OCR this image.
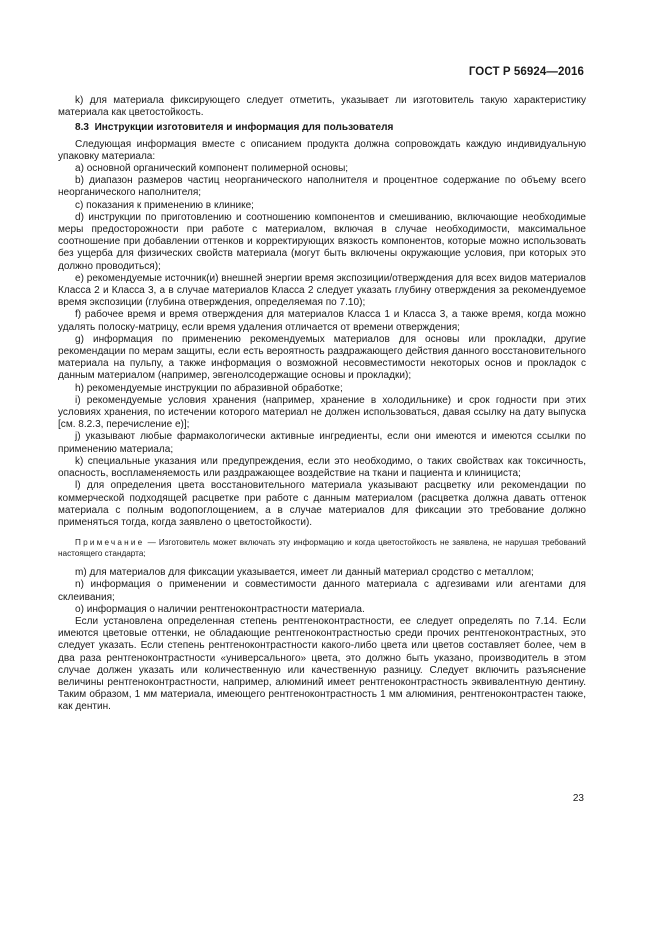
ГОСТ Р 56924—2016

k) для материала фиксирующего следует отметить, указывает ли изготовитель такую характеристику материала как цветостойкость.

8.3 Инструкции изготовителя и информация для пользователя

Следующая информация вместе с описанием продукта должна сопровождать каждую индивидуальную упаковку материала:

a) основной органический компонент полимерной основы;

b) диапазон размеров частиц неорганического наполнителя и процентное содержание по объему всего неорганического наполнителя;

c) показания к применению в клинике;

d) инструкции по приготовлению и соотношению компонентов и смешиванию, включающие необходимые меры предосторожности при работе с материалом, включая в случае необходимости, максимальное соотношение при добавлении оттенков и корректирующих вязкость компонентов, которые можно использовать без ущерба для физических свойств материала (могут быть включены окружающие условия, при которых это должно проводиться);

e) рекомендуемые источник(и) внешней энергии время экспозиции/отверждения для всех видов материалов Класса 2 и Класса 3, а в случае материалов Класса 2 следует указать глубину отверждения за рекомендуемое время экспозиции (глубина отверждения, определяемая по 7.10);

f) рабочее время и время отверждения для материалов Класса 1 и Класса 3, а также время, когда можно удалять полоску-матрицу, если время удаления отличается от времени отверждения;

g) информация по применению рекомендуемых материалов для основы или прокладки, другие рекомендации по мерам защиты, если есть вероятность раздражающего действия данного восстановительного материала на пульпу, а также информация о возможной несовместимости некоторых основ и прокладок с данным материалом (например, эвгенолсодержащие основы и прокладки);

h) рекомендуемые инструкции по абразивной обработке;

i) рекомендуемые условия хранения (например, хранение в холодильнике) и срок годности при этих условиях хранения, по истечении которого материал не должен использоваться, давая ссылку на дату выпуска [см. 8.2.3, перечисление e)];

j) указывают любые фармакологически активные ингредиенты, если они имеются и имеются ссылки по применению материала;

k) специальные указания или предупреждения, если это необходимо, о таких свойствах как токсичность, опасность, воспламеняемость или раздражающее воздействие на ткани и пациента и клинициста;

l) для определения цвета восстановительного материала указывают расцветку или рекомендации по коммерческой подходящей расцветке при работе с данным материалом (расцветка должна давать оттенок материала с полным водопоглощением, а в случае материалов для фиксации это требование должно применяться тогда, когда заявлено о цветостойкости).

Примечание — Изготовитель может включать эту информацию и когда цветостойкость не заявлена, не нарушая требований настоящего стандарта;

m) для материалов для фиксации указывается, имеет ли данный материал сродство с металлом;

n) информация о применении и совместимости данного материала с адгезивами или агентами для склеивания;

o) информация о наличии рентгеноконтрастности материала.

Если установлена определенная степень рентгеноконтрастности, ее следует определять по 7.14. Если имеются цветовые оттенки, не обладающие рентгеноконтрастностью среди прочих рентгеноконтрастных, это следует указать. Если степень рентгеноконтрастности какого-либо цвета или цветов составляет более, чем в два раза рентгеноконтрастности «универсального» цвета, это должно быть указано, производитель в этом случае должен указать или количественную или качественную разницу. Следует включить разъяснение величины рентгеноконтрастности, например, алюминий имеет рентгеноконтрастность эквивалентную дентину. Таким образом, 1 мм материала, имеющего рентгеноконтрастность 1 мм алюминия, рентгеноконтрастен также, как дентин.

23
